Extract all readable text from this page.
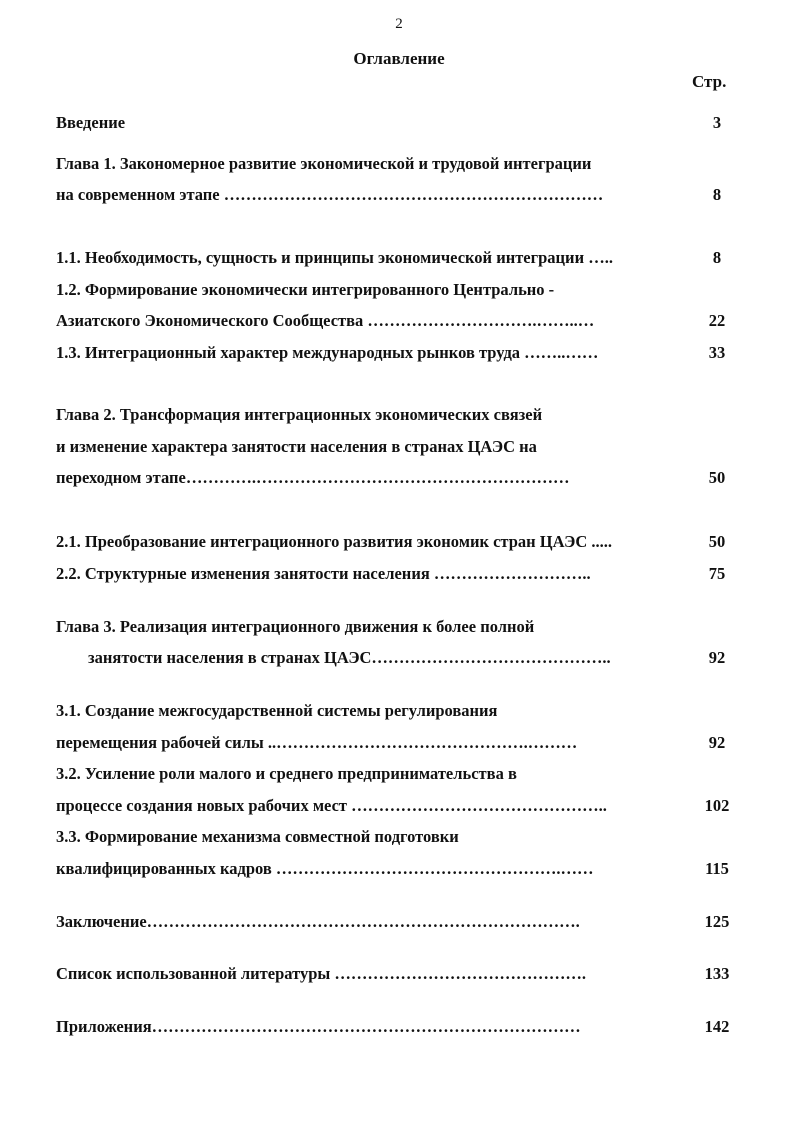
2
Оглавление
Стр.
Введение	3
Глава 1. Закономерное развитие экономической и трудовой интеграции
на современном этапе ……………………………………………………………	8
1.1. Необходимость, сущность и принципы экономической интеграции …..	8
1.2. Формирование экономически интегрированного Центрально -
Азиатского Экономического Сообщества ………………………….……..…	22
1.3. Интеграционный характер международных рынков труда ……..……	33
Глава 2. Трансформация интеграционных экономических связей
и изменение характера занятости населения в странах ЦАЭС на
переходном этапе………….…………………………………………………	50
2.1. Преобразование интеграционного развития экономик стран ЦАЭС .....	50
2.2. Структурные изменения занятости населения ………………………..	75
Глава 3. Реализация интеграционного движения к более полной
занятости населения в странах ЦАЭС……………………………………..	92
3.1. Создание межгосударственной системы регулирования
перемещения рабочей силы ..……………………………………….………	92
3.2. Усиление роли малого и среднего предпринимательства в
процессе создания новых рабочих мест ………………………………………..	102
3.3. Формирование механизма совместной подготовки
квалифицированных кадров …………………………………………….……	115
Заключение…………………………………………………………………….	125
Список использованной литературы ……………………………………….	133
Приложения……………………………………………………………………	142
